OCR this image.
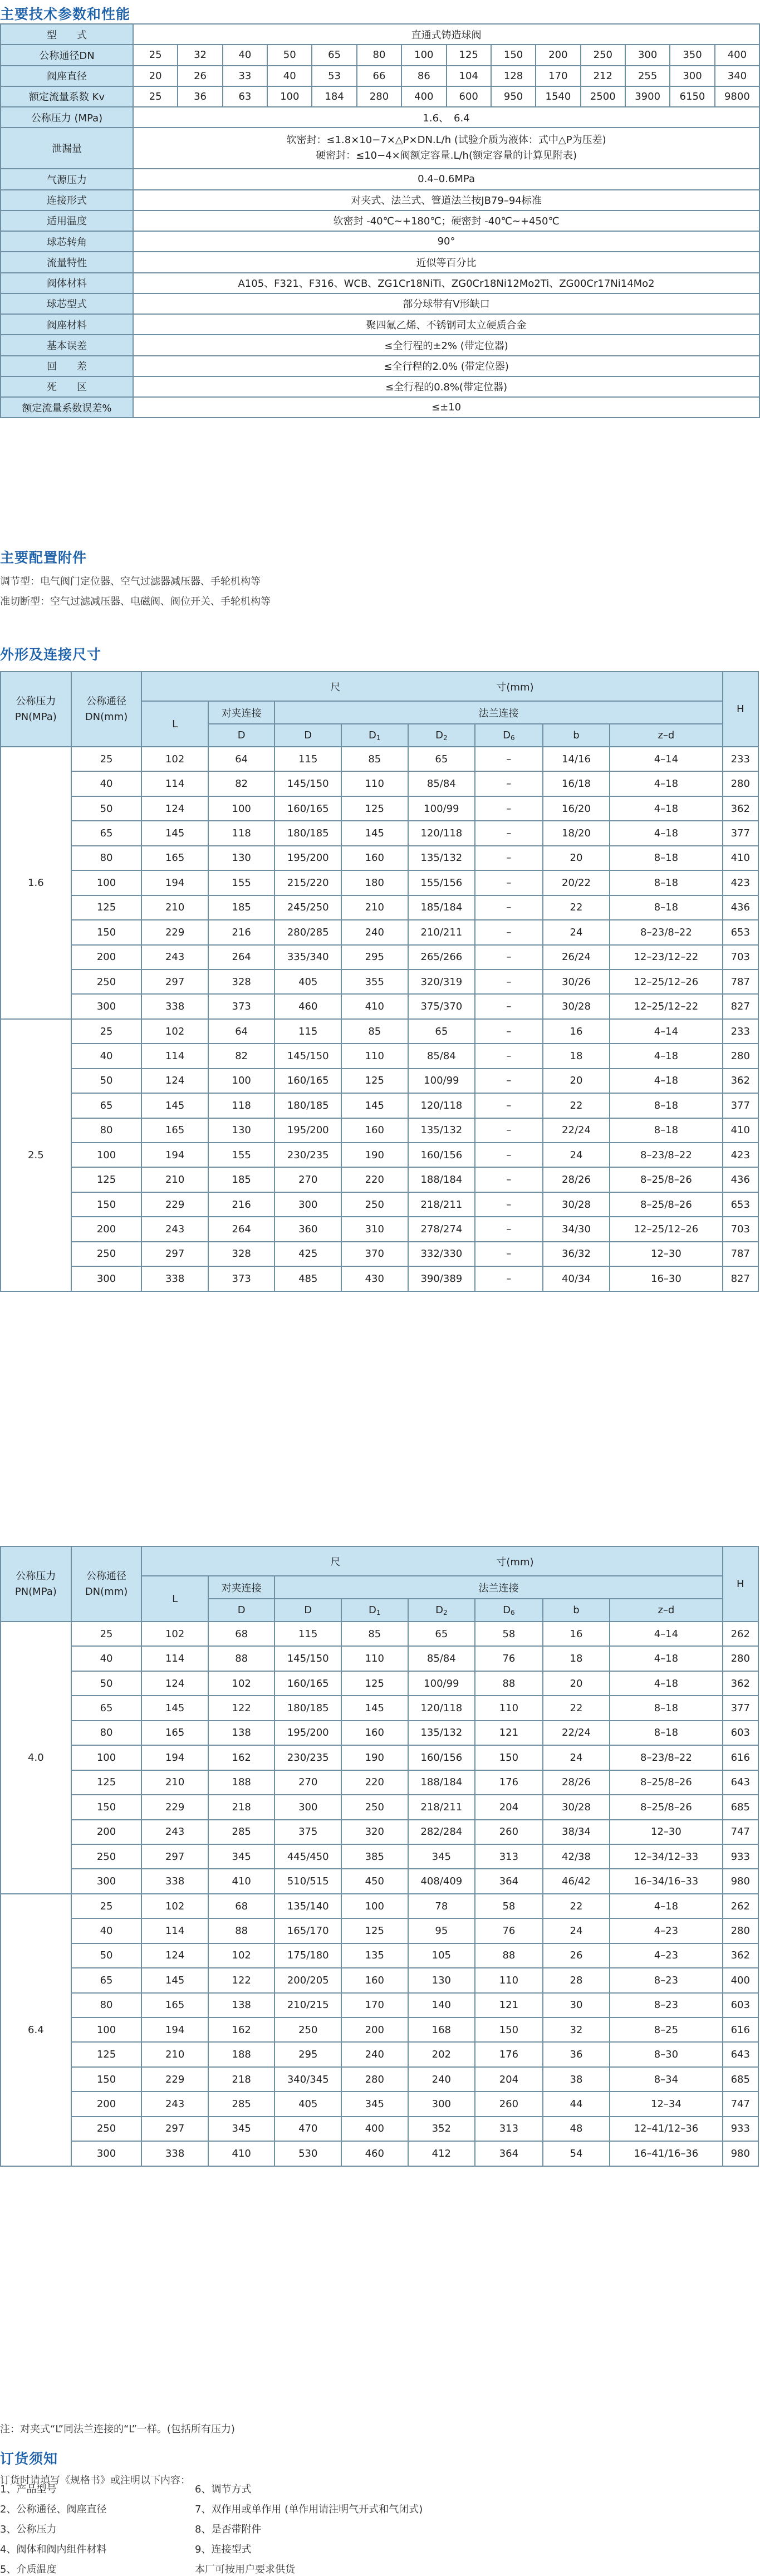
主要技术参数和性能
型　　式	直通式铸造球阀													
公称通径DN	25	32	40	50	65	80	100	125	150	200	250	300	350	400
阀座直径	20	26	33	40	53	66	86	104	128	170	212	255	300	340
额定流量系数 Kv	25	36	63	100	184	280	400	600	950	1540	2500	3900	6150	9800
公称压力 (MPa)	1.6、　6.4													
泄漏量	软密封：≤1.8×10−7×△P×DN.L/h (试验介质为液体：式中△P为压差)
硬密封：≤10−4×阀额定容量.L/h(额定容量的计算见附表)													

气源压力	0.4–0.6MPa													
连接形式	对夹式、法兰式、管道法兰按JB79–94标准													
适用温度	软密封 -40℃~+180℃；硬密封 -40℃~+450℃													
球芯转角	90°													
流量特性	近似等百分比													
阀体材料	A105、F321、F316、WCB、ZG1Cr18NiTi、ZG0Cr18Ni12Mo2Ti、ZG00Cr17Ni14Mo2													
球芯型式	部分球带有V形缺口													
阀座材料	聚四氟乙烯、不锈钢司太立硬质合金													
基本误差	≤全行程的±2% (带定位器)													
回　　差	≤全行程的2.0% (带定位器)													
死　　区	≤全行程的0.8%(带定位器)													
额定流量系数误差%	≤±10													
主要配置附件
调节型：电气阀门定位器、空气过滤器减压器、手轮机构等
准切断型：空气过滤减压器、电磁阀、阀位开关、手轮机构等
外形及连接尺寸
公称压力PN(MPa)	公称通径DN(mm)	尺 寸(mm)								H
		L	对夹连接	法兰连接						
			D	D	$D_1$	$D_2$	$D_6$	b	z–d	
1.6	25	102	64	115	85	65	–	14/16	4–14	233
	40	114	82	145/150	110	85/84	–	16/18	4–18	280
	50	124	100	160/165	125	100/99	–	16/20	4–18	362
	65	145	118	180/185	145	120/118	–	18/20	4–18	377
	80	165	130	195/200	160	135/132	–	20	8–18	410
	100	194	155	215/220	180	155/156	–	20/22	8–18	423
	125	210	185	245/250	210	185/184	–	22	8–18	436
	150	229	216	280/285	240	210/211	–	24	8–23/8–22	653
	200	243	264	335/340	295	265/266	–	26/24	12–23/12–22	703
	250	297	328	405	355	320/319	–	30/26	12–25/12–26	787
	300	338	373	460	410	375/370	–	30/28	12–25/12–22	827
2.5	25	102	64	115	85	65	–	16	4–14	233
	40	114	82	145/150	110	85/84	–	18	4–18	280
	50	124	100	160/165	125	100/99	–	20	4–18	362
	65	145	118	180/185	145	120/118	–	22	8–18	377
	80	165	130	195/200	160	135/132	–	22/24	8–18	410
	100	194	155	230/235	190	160/156	–	24	8–23/8–22	423
	125	210	185	270	220	188/184	–	28/26	8–25/8–26	436
	150	229	216	300	250	218/211	–	30/28	8–25/8–26	653
	200	243	264	360	310	278/274	–	34/30	12–25/12–26	703
	250	297	328	425	370	332/330	–	36/32	12–30	787
	300	338	373	485	430	390/389	–	40/34	16–30	827
公称压力PN(MPa)	公称通径DN(mm)	尺 寸(mm)								H
		L	对夹连接	法兰连接						
			D	D	$D_1$	$D_2$	$D_6$	b	z–d	
4.0	25	102	68	115	85	65	58	16	4–14	262
	40	114	88	145/150	110	85/84	76	18	4–18	280
	50	124	102	160/165	125	100/99	88	20	4–18	362
	65	145	122	180/185	145	120/118	110	22	8–18	377
	80	165	138	195/200	160	135/132	121	22/24	8–18	603
	100	194	162	230/235	190	160/156	150	24	8–23/8–22	616
	125	210	188	270	220	188/184	176	28/26	8–25/8–26	643
	150	229	218	300	250	218/211	204	30/28	8–25/8–26	685
	200	243	285	375	320	282/284	260	38/34	12–30	747
	250	297	345	445/450	385	345	313	42/38	12–34/12–33	933
	300	338	410	510/515	450	408/409	364	46/42	16–34/16–33	980
6.4	25	102	68	135/140	100	78	58	22	4–18	262
	40	114	88	165/170	125	95	76	24	4–23	280
	50	124	102	175/180	135	105	88	26	4–23	362
	65	145	122	200/205	160	130	110	28	8–23	400
	80	165	138	210/215	170	140	121	30	8–23	603
	100	194	162	250	200	168	150	32	8–25	616
	125	210	188	295	240	202	176	36	8–30	643
	150	229	218	340/345	280	240	204	38	8–34	685
	200	243	285	405	345	300	260	44	12–34	747
	250	297	345	470	400	352	313	48	12–41/12–36	933
	300	338	410	530	460	412	364	54	16–41/16–36	980
注：对夹式“L”同法兰连接的“L”一样。(包括所有压力)
订货须知
订货时请填写《规格书》或注明以下内容：
1、产品型号
2、公称通径、阀座直径
3、公称压力
4、阀体和阀内组件材料
5、介质温度
6、调节方式
7、双作用或单作用 (单作用请注明气开式和气闭式)
8、是否带附件
9、连接型式
本厂可按用户要求供货
